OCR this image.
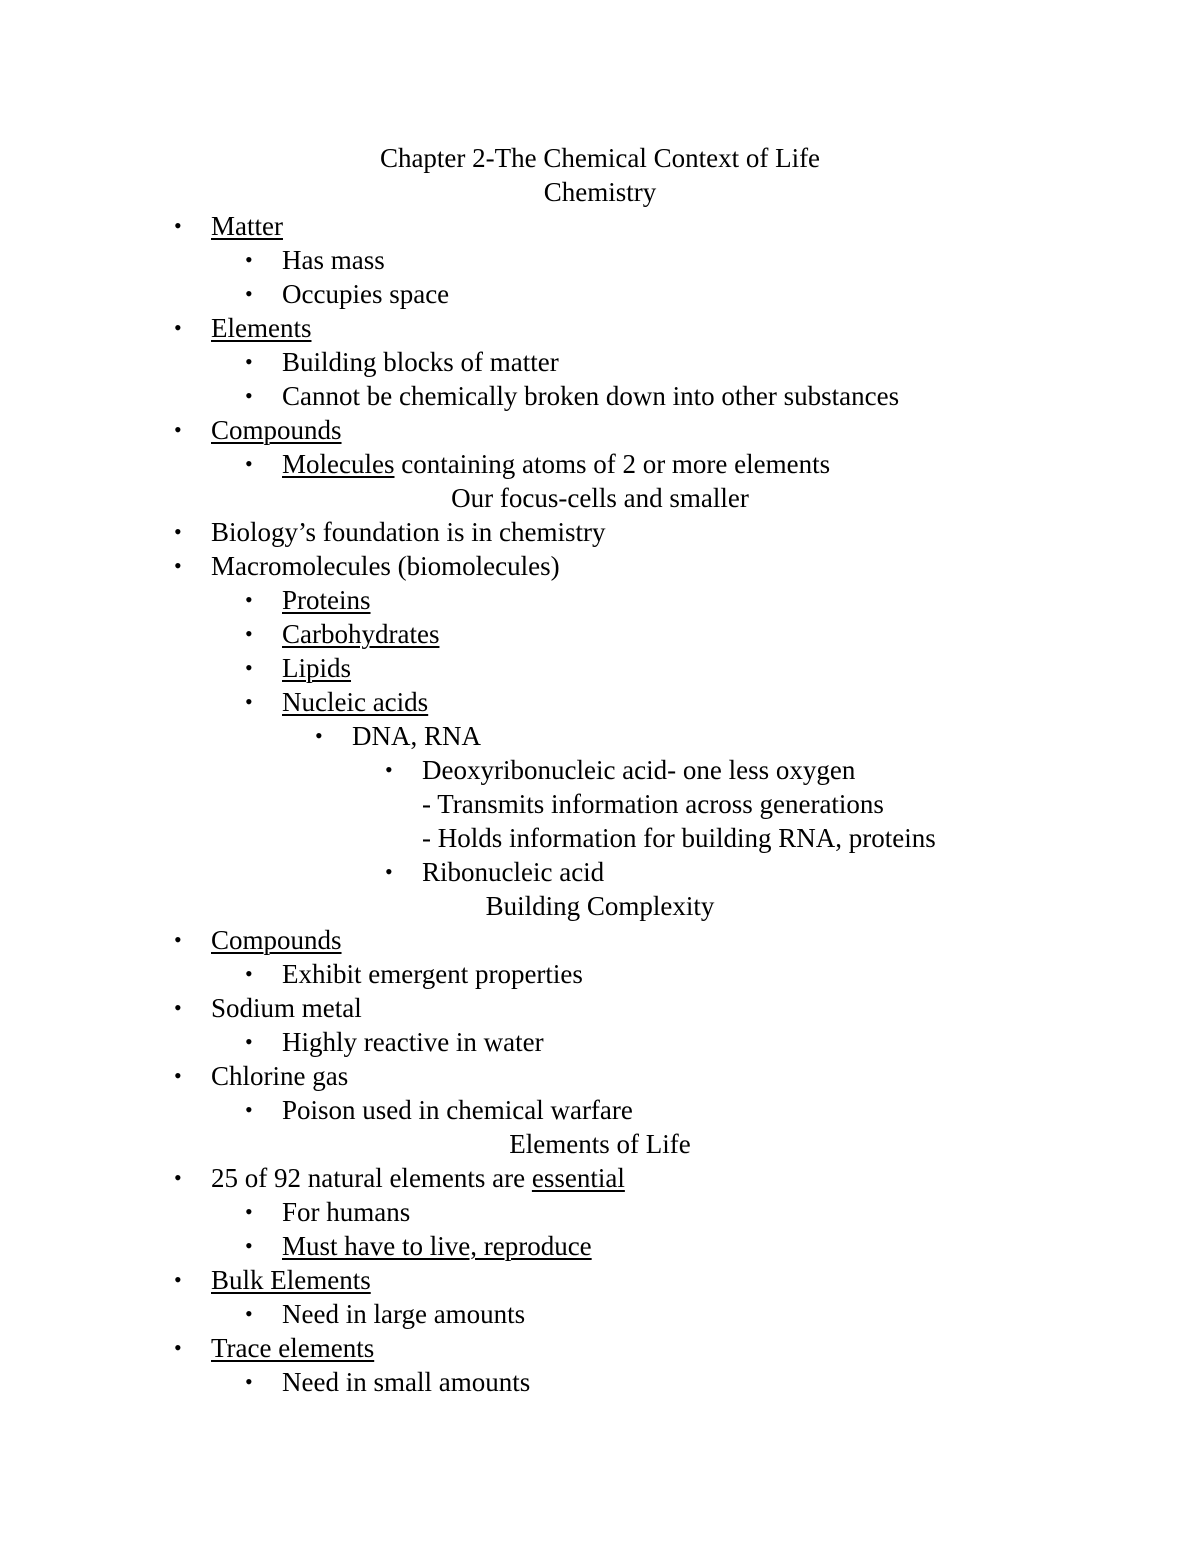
Chapter 2-The Chemical Context of Life
Chemistry
• Matter
• Has mass
• Occupies space
• Elements
• Building blocks of matter
• Cannot be chemically broken down into other substances
• Compounds
• Molecules containing atoms of 2 or more elements
Our focus-cells and smaller
• Biology’s foundation is in chemistry
• Macromolecules (biomolecules)
• Proteins
• Carbohydrates
• Lipids
• Nucleic acids
• DNA, RNA
• Deoxyribonucleic acid- one less oxygen
- Transmits information across generations
- Holds information for building RNA, proteins
• Ribonucleic acid
Building Complexity
• Compounds
• Exhibit emergent properties
• Sodium metal
• Highly reactive in water
• Chlorine gas
• Poison used in chemical warfare
Elements of Life
• 25 of 92 natural elements are essential
• For humans
• Must have to live, reproduce
• Bulk Elements
• Need in large amounts
• Trace elements
• Need in small amounts
